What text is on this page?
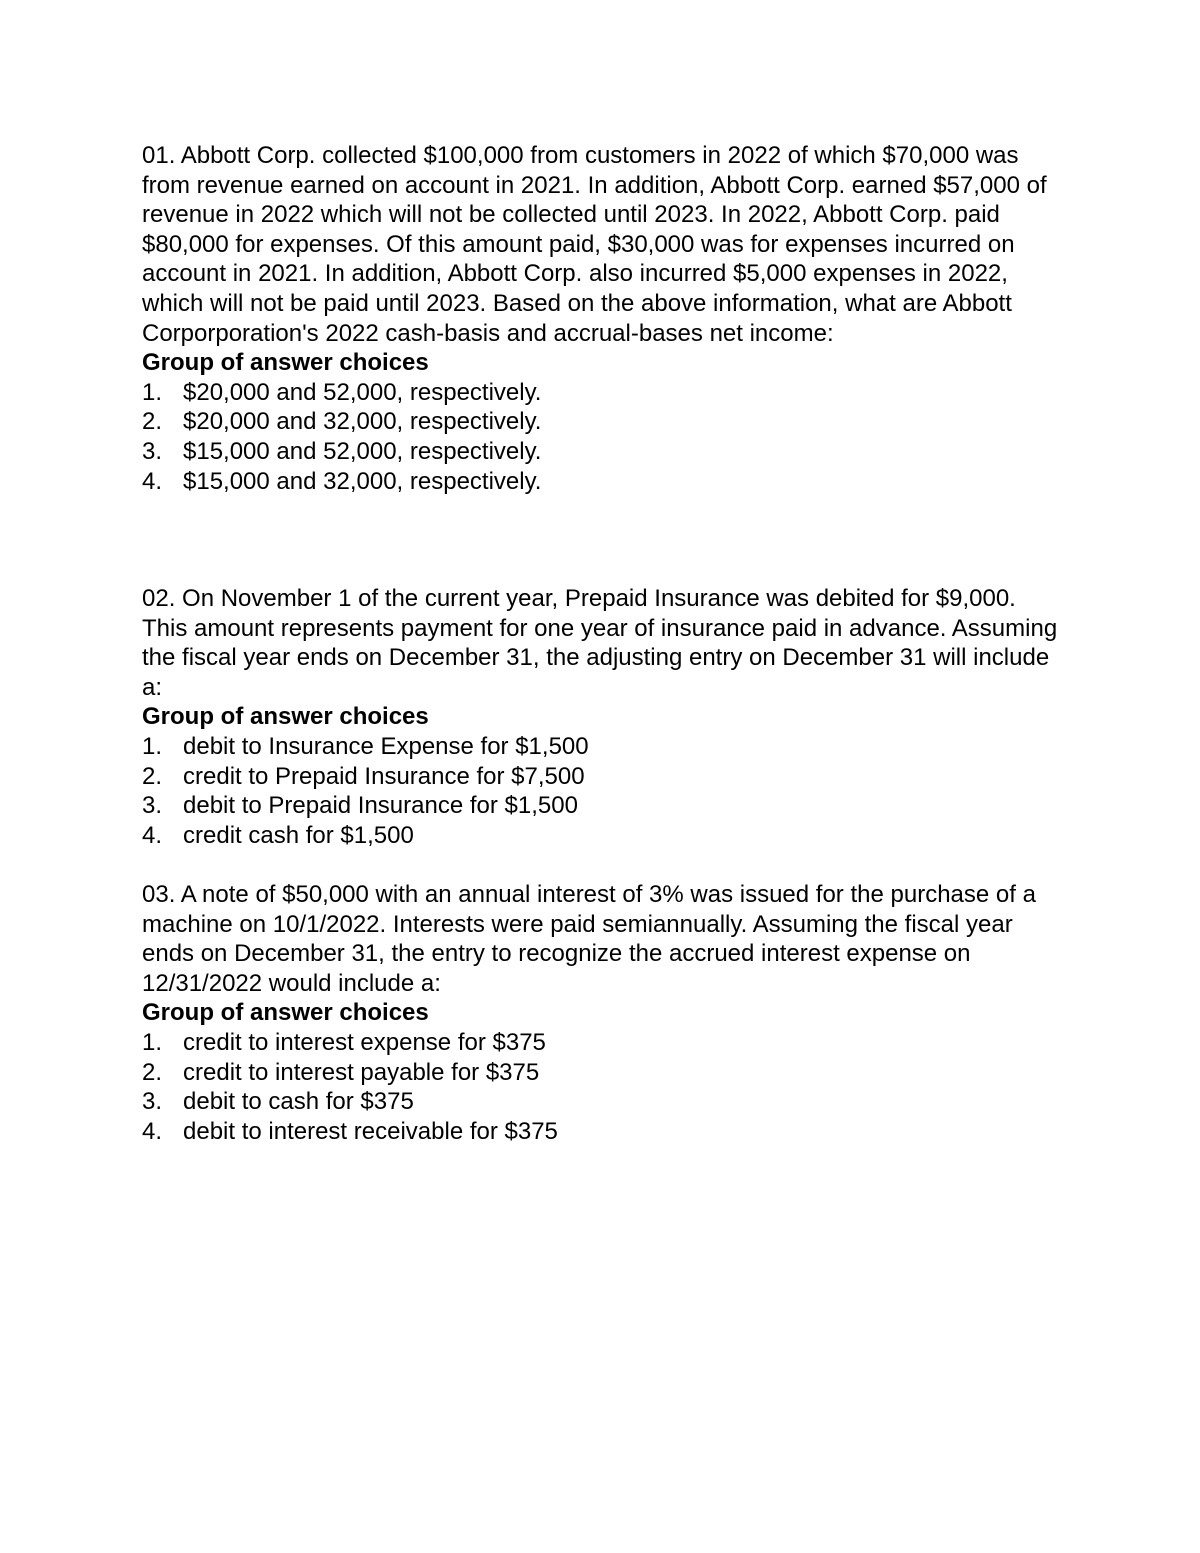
01. Abbott Corp. collected $100,000 from customers in 2022 of which $70,000 was from revenue earned on account in 2021. In addition, Abbott Corp. earned $57,000 of revenue in 2022 which will not be collected until 2023. In 2022, Abbott Corp. paid $80,000 for expenses. Of this amount paid, $30,000 was for expenses incurred on account in 2021. In addition, Abbott Corp. also incurred $5,000 expenses in 2022, which will not be paid until 2023. Based on the above information, what are Abbott Corporporation's 2022 cash-basis and accrual-bases net income:

Group of answer choices

1. $20,000 and 52,000, respectively.
2. $20,000 and 32,000, respectively.
3. $15,000 and 52,000, respectively.
4. $15,000 and 32,000, respectively.

02. On November 1 of the current year, Prepaid Insurance was debited for $9,000. This amount represents payment for one year of insurance paid in advance. Assuming the fiscal year ends on December 31, the adjusting entry on December 31 will include a:

Group of answer choices

1. debit to Insurance Expense for $1,500
2. credit to Prepaid Insurance for $7,500
3. debit to Prepaid Insurance for $1,500
4. credit cash for $1,500

03. A note of $50,000 with an annual interest of 3% was issued for the purchase of a machine on 10/1/2022. Interests were paid semiannually. Assuming the fiscal year ends on December 31, the entry to recognize the accrued interest expense on 12/31/2022 would include a:

Group of answer choices

1. credit to interest expense for $375
2. credit to interest payable for $375
3. debit to cash for $375
4. debit to interest receivable for $375
